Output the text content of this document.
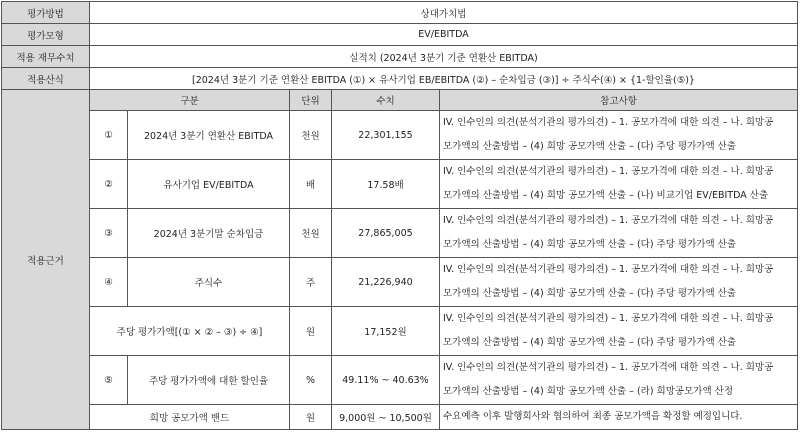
평가방법	상대가치법				
평가모형	EV/EBITDA				
적용 재무수치	실적치 (2024년 3분기 기준 연환산 EBITDA)				
적용산식	[2024년 3분기 기준 연환산 EBITDA (①) × 유사기업 EB/EBITDA (②) – 순차입금 (③)] ÷ 주식수(④) × {1-할인율(⑤)}				
적용근거	구분		단위	수치	참고사항
	①	2024년 3분기 연환산 EBITDA	천원	22,301,155	IV. 인수인의 의견(분석기관의 평가의견) – 1. 공모가격에 대한 의견 – 나. 희망공
모가액의 산출방법 – (4) 희망 공모가액 산출 – (다) 주당 평가가액 산출

	②	유사기업 EV/EBITDA	배	17.58배	IV. 인수인의 의견(분석기관의 평가의견) – 1. 공모가격에 대한 의견 – 나. 희망공
모가액의 산출방법 – (4) 희망 공모가액 산출 – (나) 비교기업 EV/EBITDA 산출

	③	2024년 3분기말 순차입금	천원	27,865,005	IV. 인수인의 의견(분석기관의 평가의견) – 1. 공모가격에 대한 의견 – 나. 희망공
모가액의 산출방법 – (4) 희망 공모가액 산출 – (다) 주당 평가가액 산출

	④	주식수	주	21,226,940	IV. 인수인의 의견(분석기관의 평가의견) – 1. 공모가격에 대한 의견 – 나. 희망공
모가액의 산출방법 – (4) 희망 공모가액 산출 – (다) 주당 평가가액 산출

	주당 평가가액[(① × ② – ③) ÷ ④]		원	17,152원	IV. 인수인의 의견(분석기관의 평가의견) – 1. 공모가격에 대한 의견 – 나. 희망공
모가액의 산출방법 – (4) 희망 공모가액 산출 – (다) 주당 평가가액 산출

	⑤	주당 평가가액에 대한 할인율	%	49.11% ~ 40.63%	IV. 인수인의 의견(분석기관의 평가의견) – 1. 공모가격에 대한 의견 – 나. 희망공
모가액의 산출방법 – (4) 희망 공모가액 산출 – (라) 희망공모가액 산정

	희망 공모가액 밴드		원	9,000원 ~ 10,500원	수요예측 이후 발행회사와 협의하여 최종 공모가액을 확정할 예정입니다.
